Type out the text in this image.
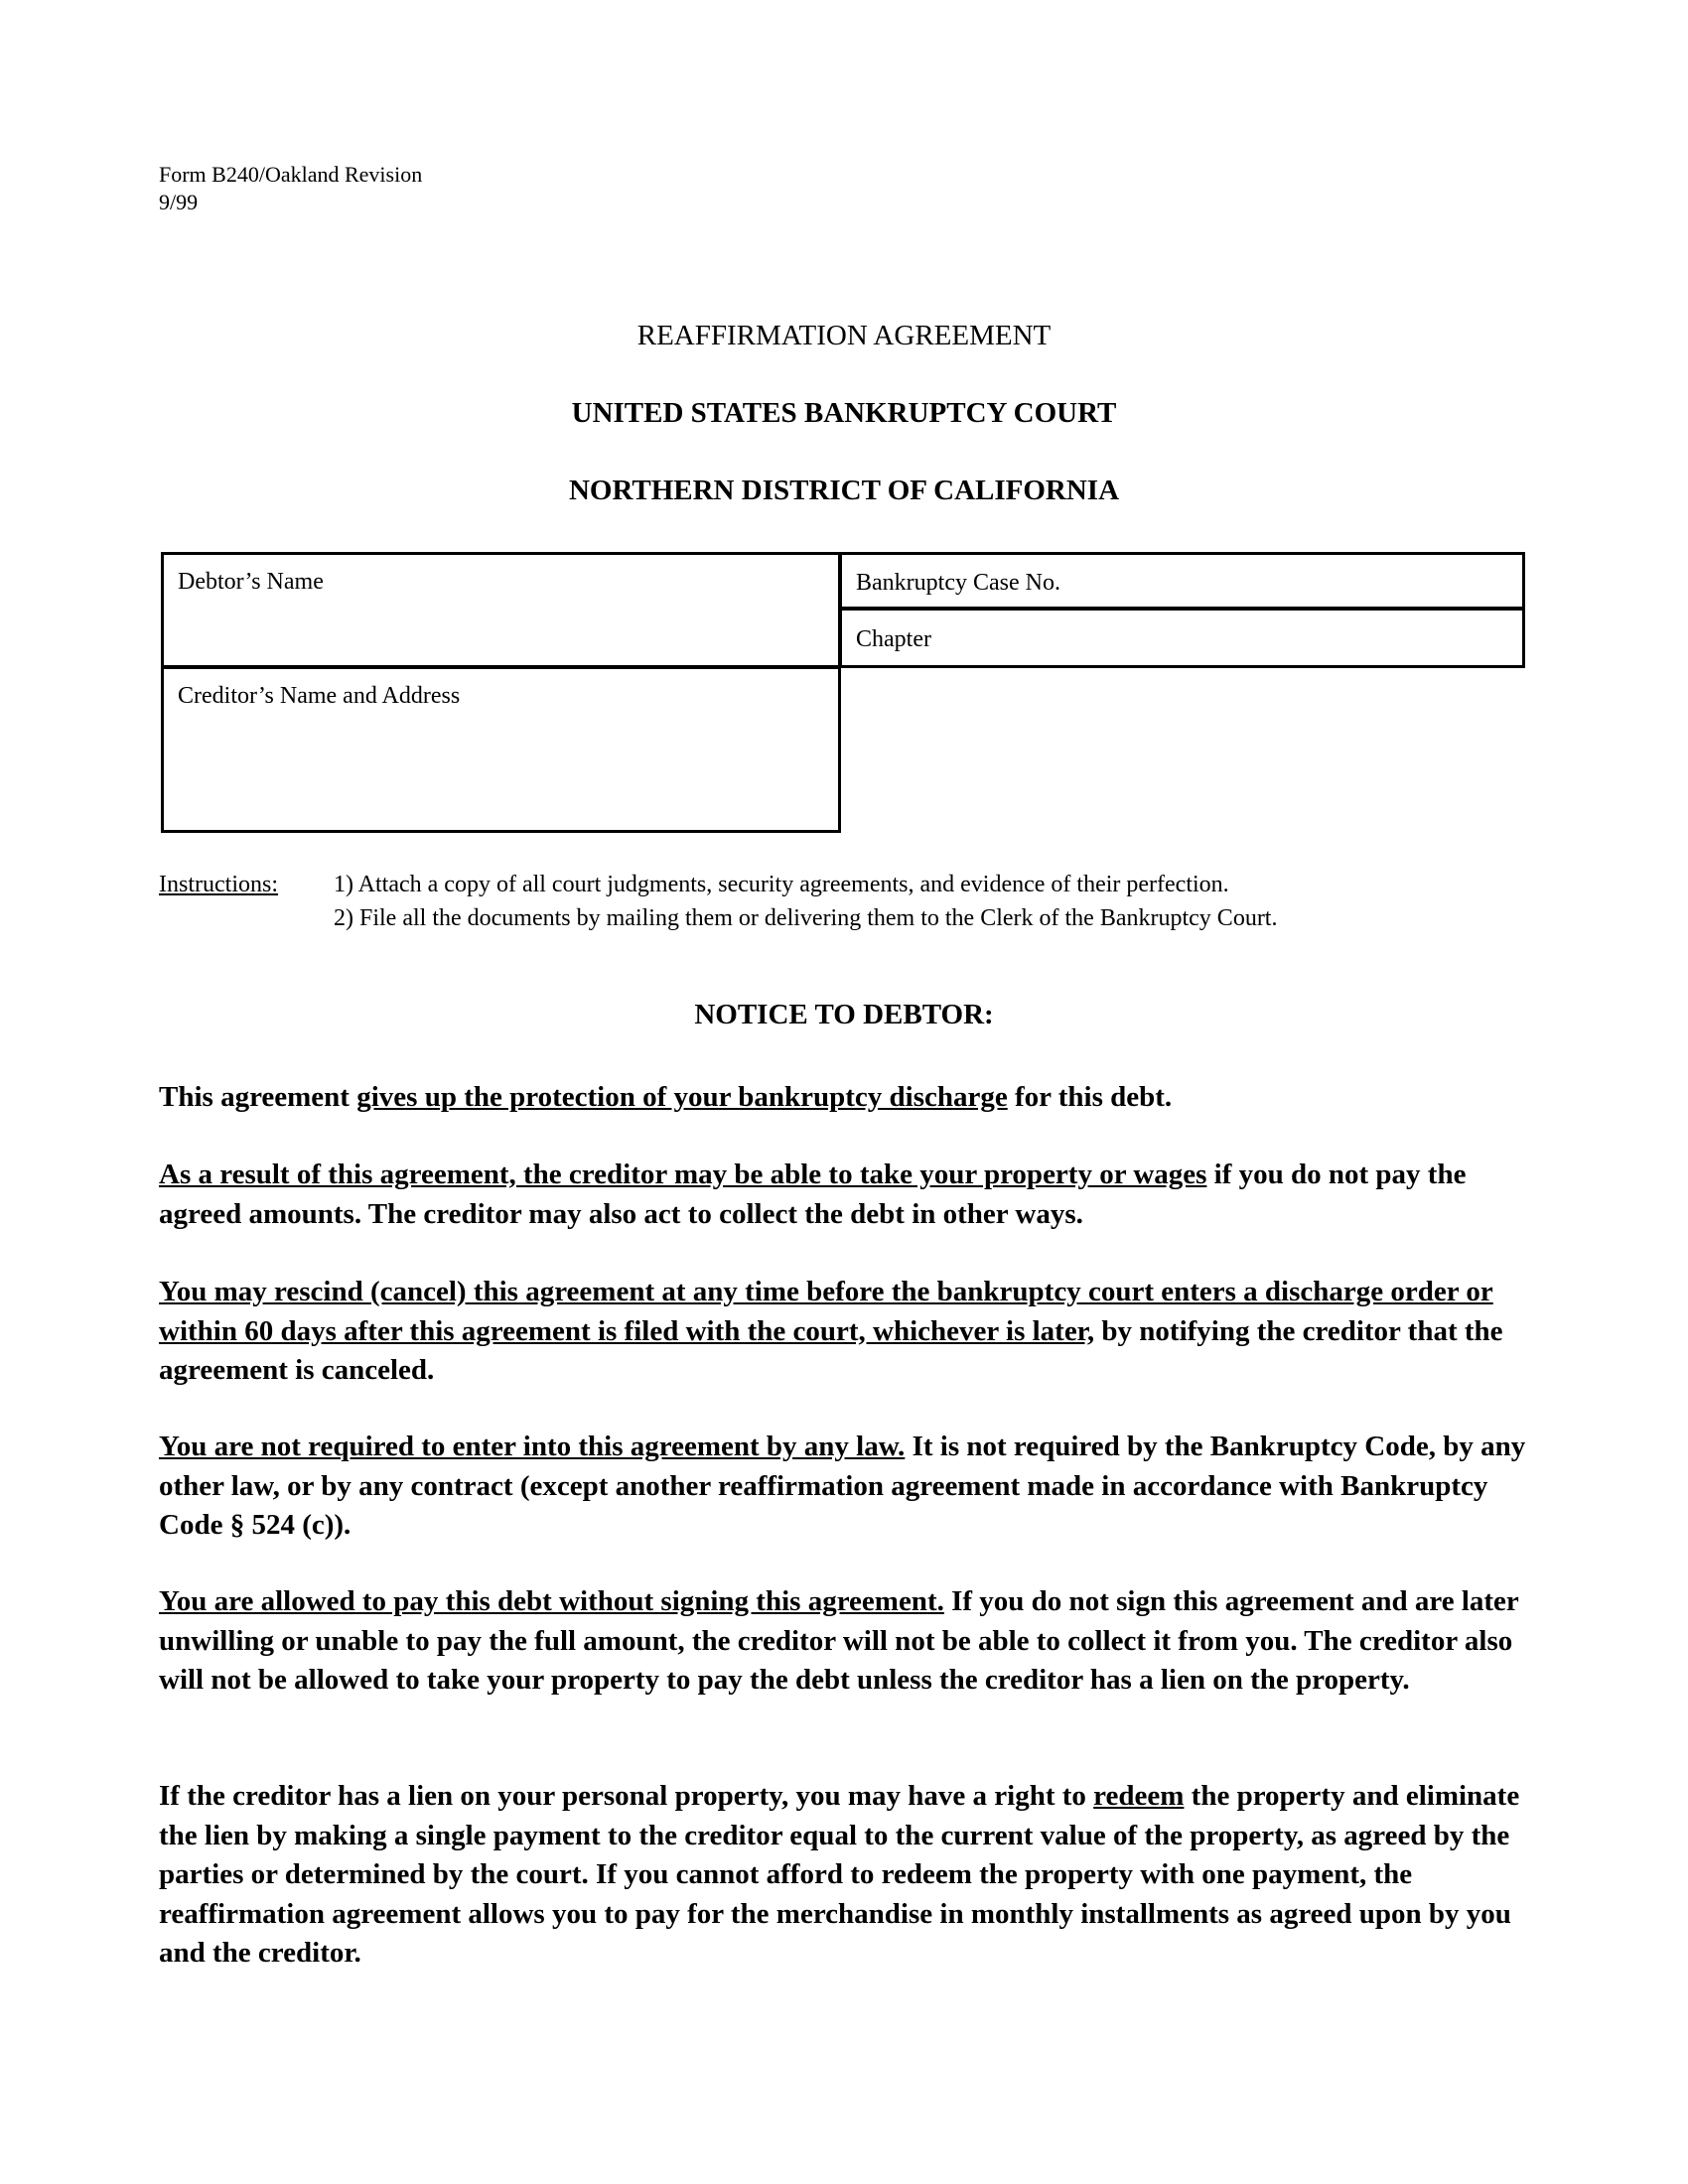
Form B240/Oakland Revision
9/99
REAFFIRMATION AGREEMENT
UNITED STATES BANKRUPTCY COURT
NORTHERN DISTRICT OF CALIFORNIA
Debtor’s Name	Bankruptcy Case No.
Chapter
Creditor’s Name and Address
Instructions: 1) Attach a copy of all court judgments, security agreements, and evidence of their perfection.
2) File all the documents by mailing them or delivering them to the Clerk of the Bankruptcy Court.
NOTICE TO DEBTOR:
This agreement gives up the protection of your bankruptcy discharge for this debt.
As a result of this agreement, the creditor may be able to take your property or wages if you do not pay the agreed amounts. The creditor may also act to collect the debt in other ways.
You may rescind (cancel) this agreement at any time before the bankruptcy court enters a discharge order or within 60 days after this agreement is filed with the court, whichever is later, by notifying the creditor that the agreement is canceled.
You are not required to enter into this agreement by any law. It is not required by the Bankruptcy Code, by any other law, or by any contract (except another reaffirmation agreement made in accordance with Bankruptcy Code § 524 (c)).
You are allowed to pay this debt without signing this agreement. If you do not sign this agreement and are later unwilling or unable to pay the full amount, the creditor will not be able to collect it from you. The creditor also will not be allowed to take your property to pay the debt unless the creditor has a lien on the property.
If the creditor has a lien on your personal property, you may have a right to redeem the property and eliminate the lien by making a single payment to the creditor equal to the current value of the property, as agreed by the parties or determined by the court. If you cannot afford to redeem the property with one payment, the reaffirmation agreement allows you to pay for the merchandise in monthly installments as agreed upon by you and the creditor.
